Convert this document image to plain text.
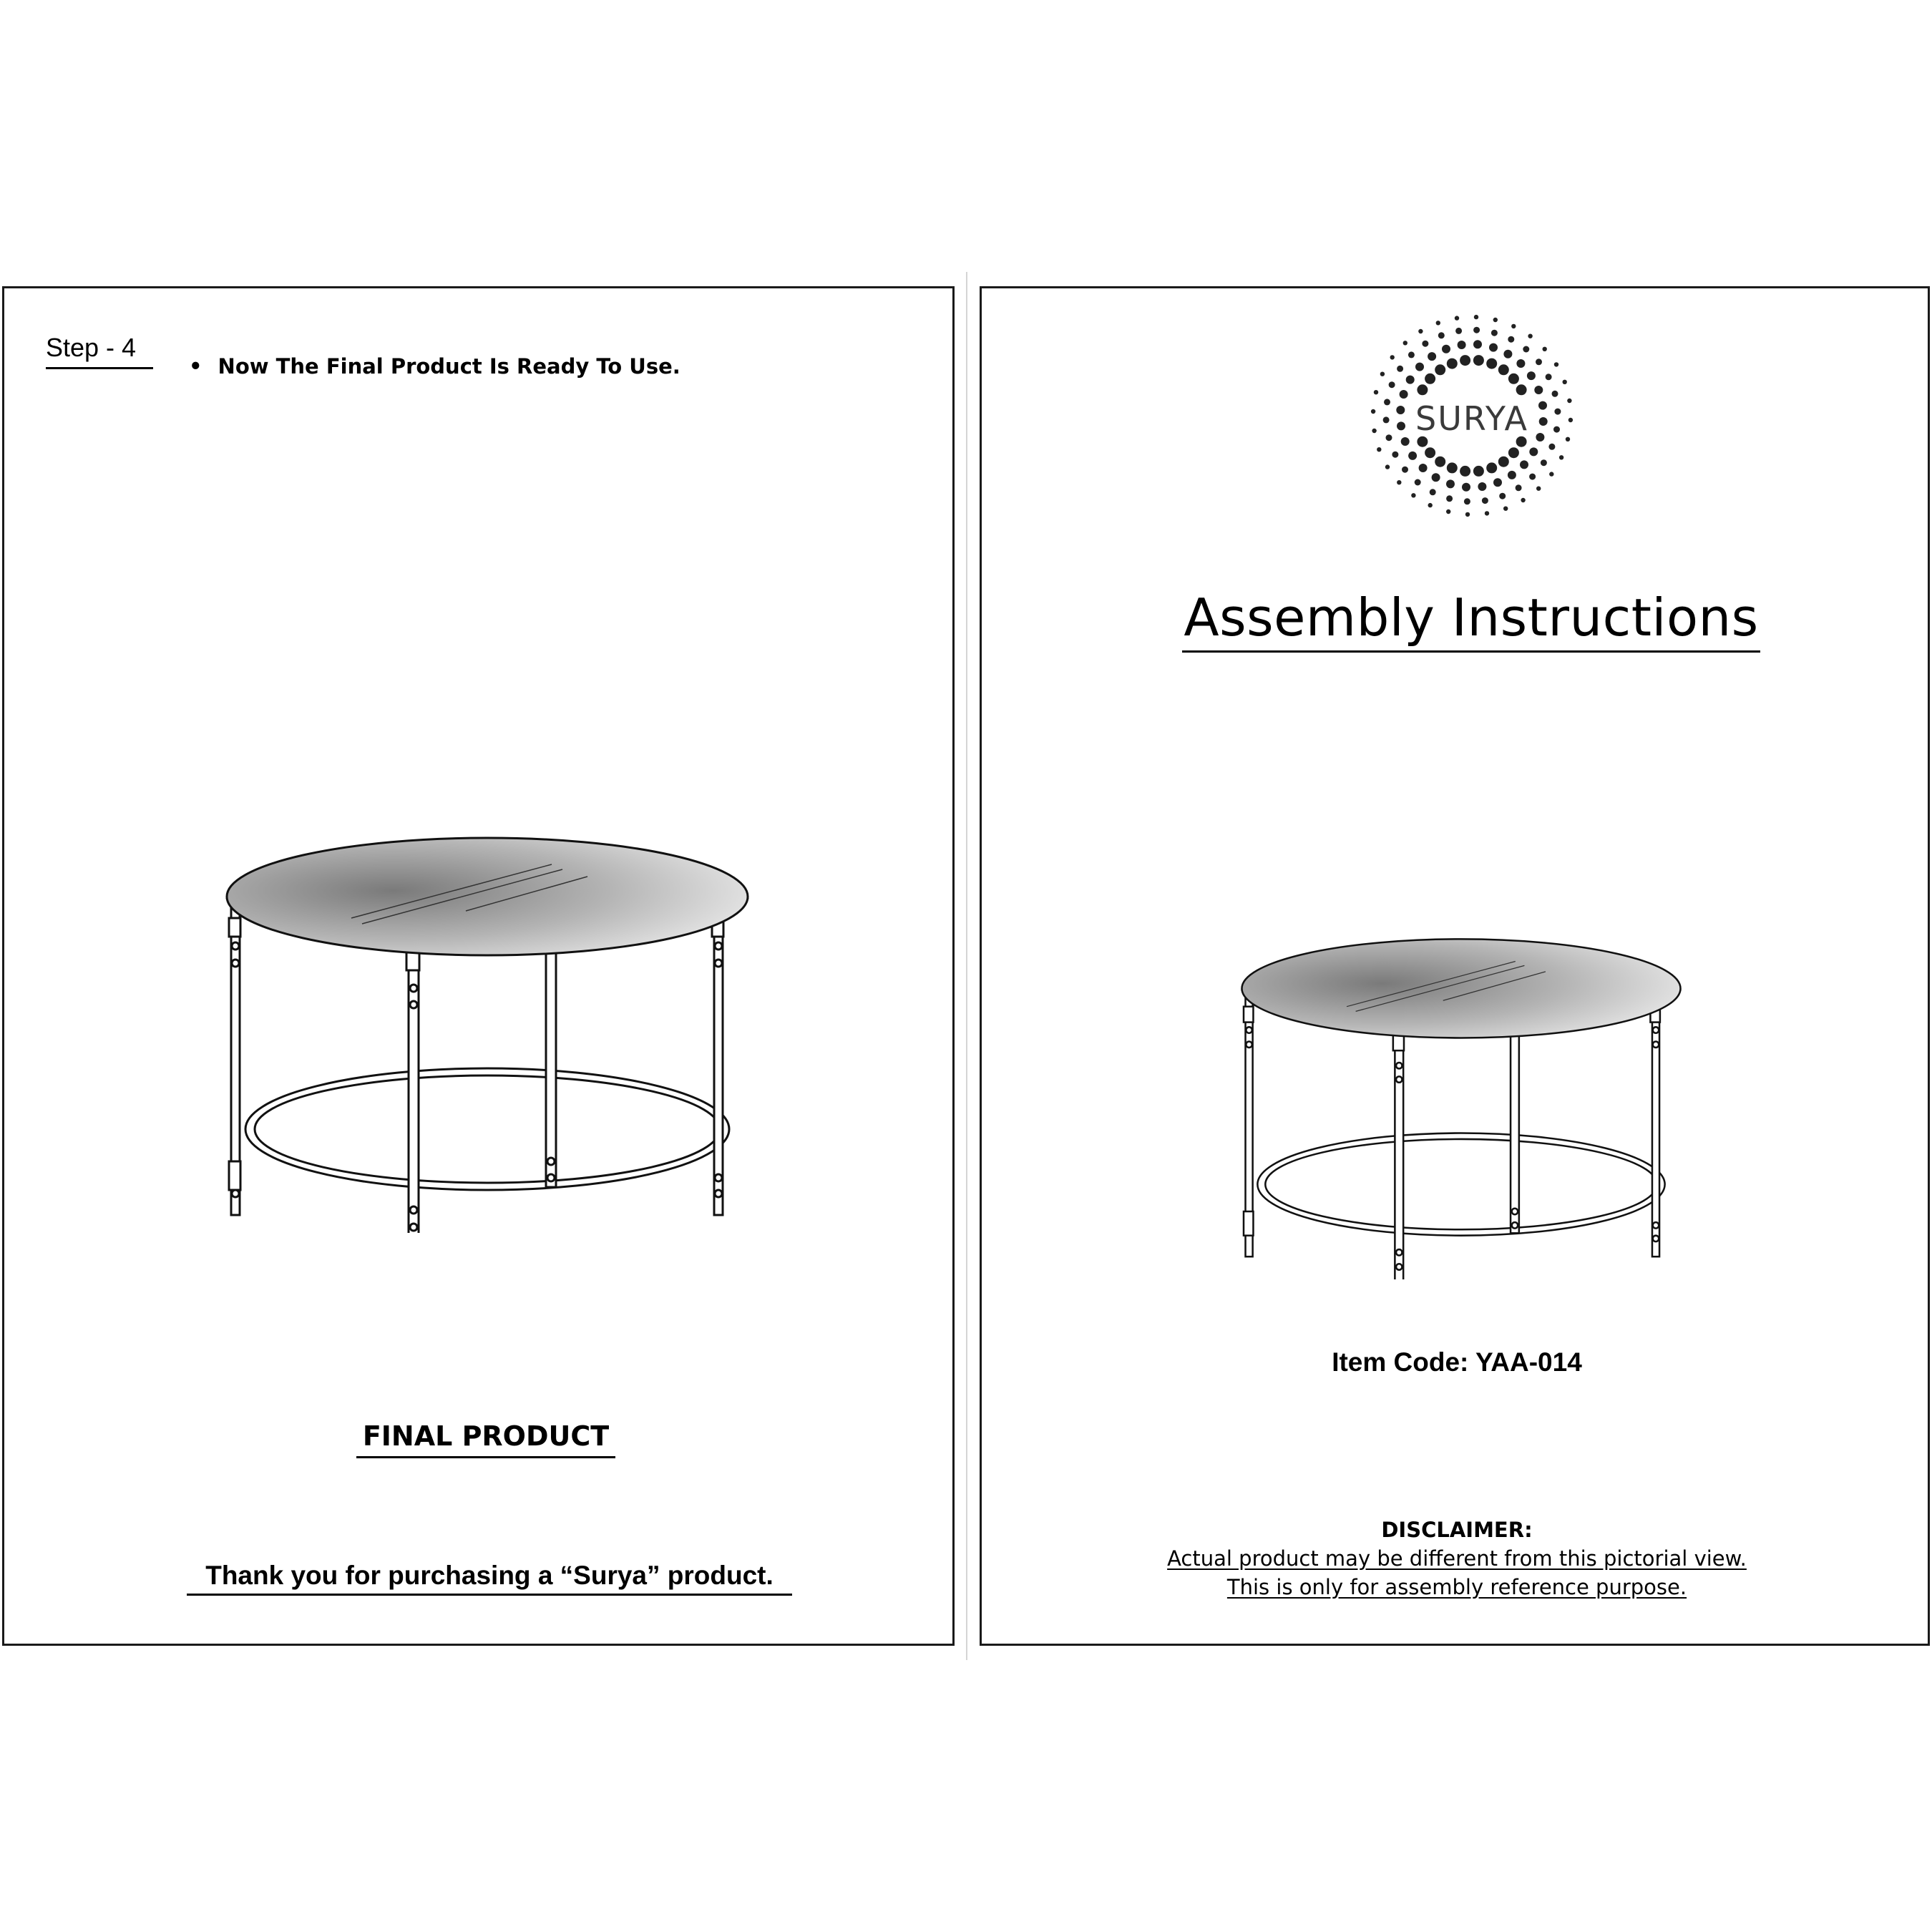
Step - 4
• Now The Final Product Is Ready To Use.
FINAL PRODUCT
Thank you for purchasing a “Surya” product.
SURYA
Assembly Instructions
Item Code: YAA-014
DISCLAIMER:
Actual product may be different from this pictorial view.
This is only for assembly reference purpose.
